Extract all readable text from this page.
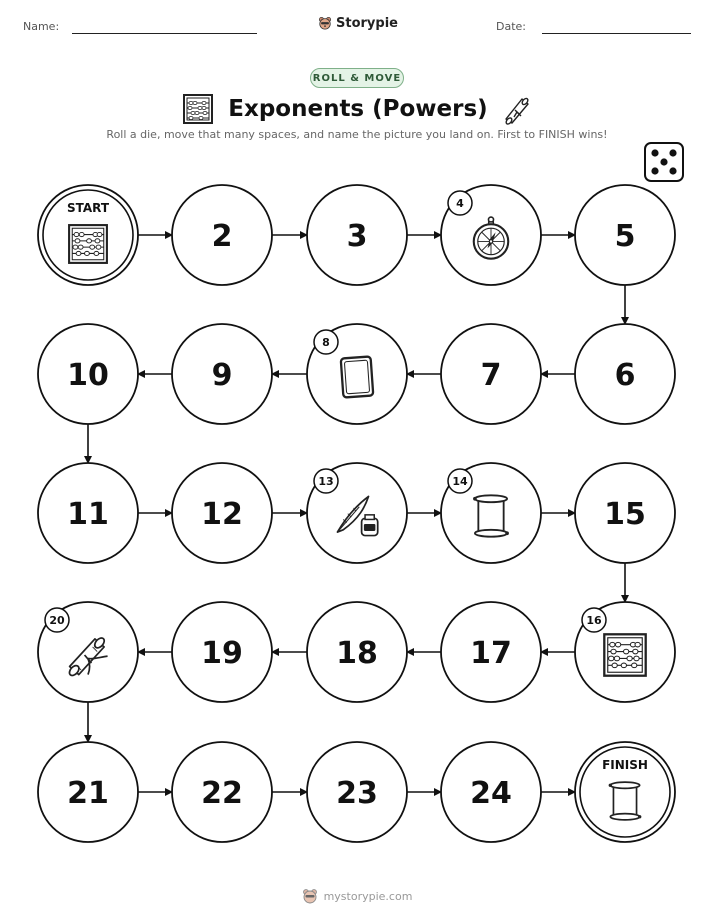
Name:	Storypie	Date:
ROLL & MOVE
Exponents (Powers)
Roll a die, move that many spaces, and name the picture you land on. First to FINISH wins!
START
2	3
4
5
6
7
8
9
10
11	12
13	14
15
16
17
18
19
20
21	22	23	24
FINISH
mystorypie.com
